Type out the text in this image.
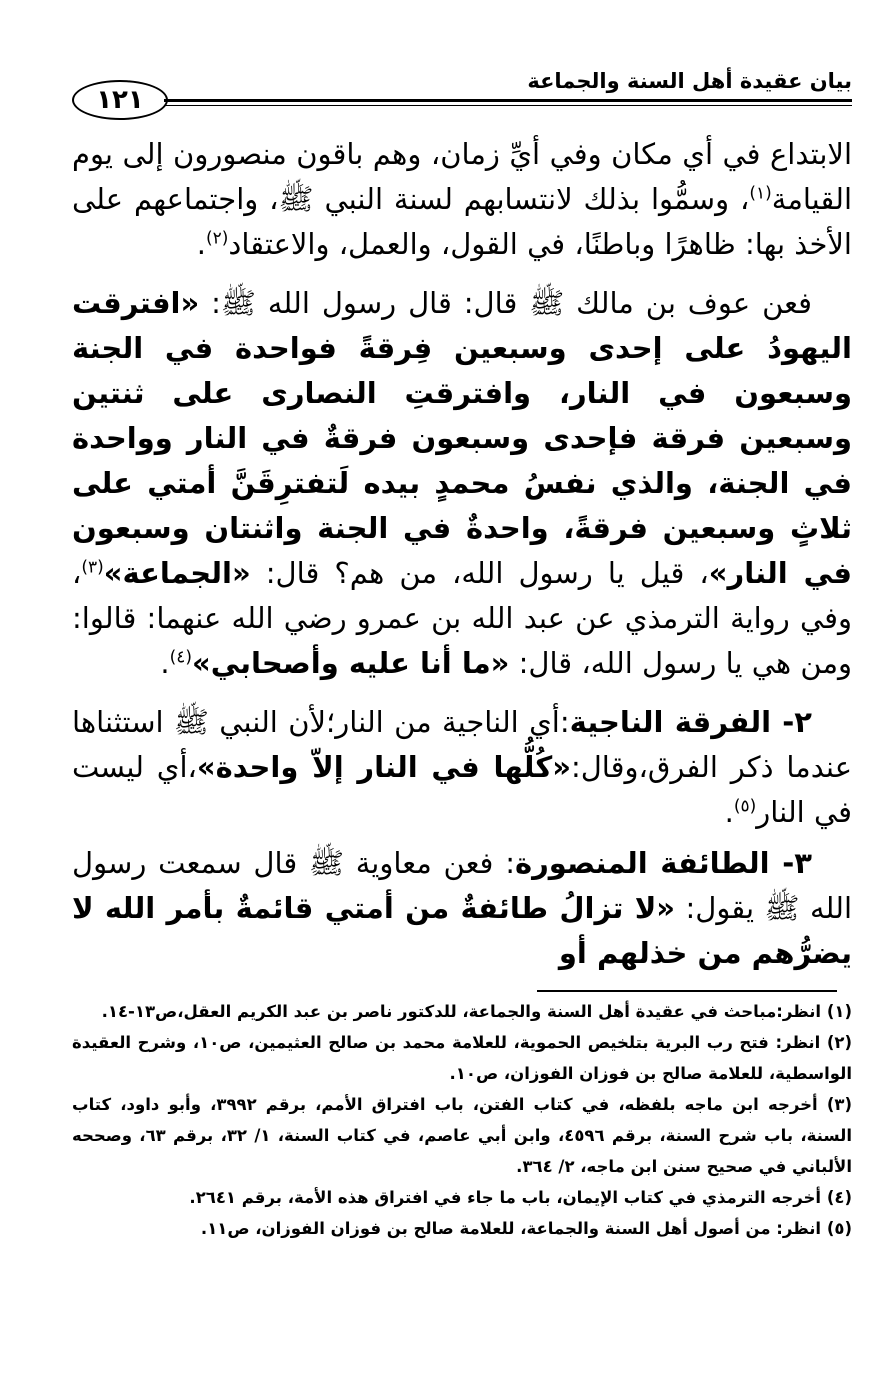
بيان عقيدة أهل السنة والجماعة
١٢١

الابتداع في أي مكان وفي أيِّ زمان، وهم باقون منصورون إلى يوم القيامة$^{(١)}$، وسمُّوا بذلك لانتسابهم لسنة النبي ﷺ، واجتماعهم على الأخذ بها: ظاهرًا وباطنًا، في القول، والعمل، والاعتقاد$^{(٢)}$.

فعن عوف بن مالك ﷺ قال: قال رسول الله ﷺ: «افترقت اليهودُ على إحدى وسبعين فِرقةً فواحدة في الجنة وسبعون في النار، وافترقتِ النصارى على ثنتين وسبعين فرقة فإحدى وسبعون فرقةٌ في النار وواحدة في الجنة، والذي نفسُ محمدٍ بيده لَتفترِقَنَّ أمتي على ثلاثٍ وسبعين فرقةً، واحدةٌ في الجنة واثنتان وسبعون في النار»، قيل يا رسول الله، من هم؟ قال: «الجماعة»$^{(٣)}$، وفي رواية الترمذي عن عبد الله بن عمرو رضي الله عنهما: قالوا: ومن هي يا رسول الله، قال: «ما أنا عليه وأصحابي»$^{(٤)}$.

٢- الفرقة الناجية:أي الناجية من النار؛لأن النبي ﷺ استثناها عندما ذكر الفرق،وقال:«كُلُّها في النار إلاّ واحدة»،أي ليست في النار$^{(٥)}$.

٣- الطائفة المنصورة: فعن معاوية ﷺ قال سمعت رسول الله ﷺ يقول: «لا تزالُ طائفةٌ من أمتي قائمةٌ بأمر الله لا يضرُّهم من خذلهم أو

(١) انظر:مباحث في عقيدة أهل السنة والجماعة، للدكتور ناصر بن عبد الكريم العقل،ص١٣-١٤.

(٢) انظر: فتح رب البرية بتلخيص الحموية، للعلامة محمد بن صالح العثيمين، ص١٠، وشرح العقيدة الواسطية، للعلامة صالح بن فوزان الفوزان، ص١٠.

(٣) أخرجه ابن ماجه بلفظه، في كتاب الفتن، باب افتراق الأمم، برقم ٣٩٩٢، وأبو داود، كتاب السنة، باب شرح السنة، برقم ٤٥٩٦، وابن أبي عاصم، في كتاب السنة، ١/ ٣٢، برقم ٦٣، وصححه الألباني في صحيح سنن ابن ماجه، ٢/ ٣٦٤.

(٤) أخرجه الترمذي في كتاب الإيمان، باب ما جاء في افتراق هذه الأمة، برقم ٢٦٤١.

(٥) انظر: من أصول أهل السنة والجماعة، للعلامة صالح بن فوزان الفوزان، ص١١.
